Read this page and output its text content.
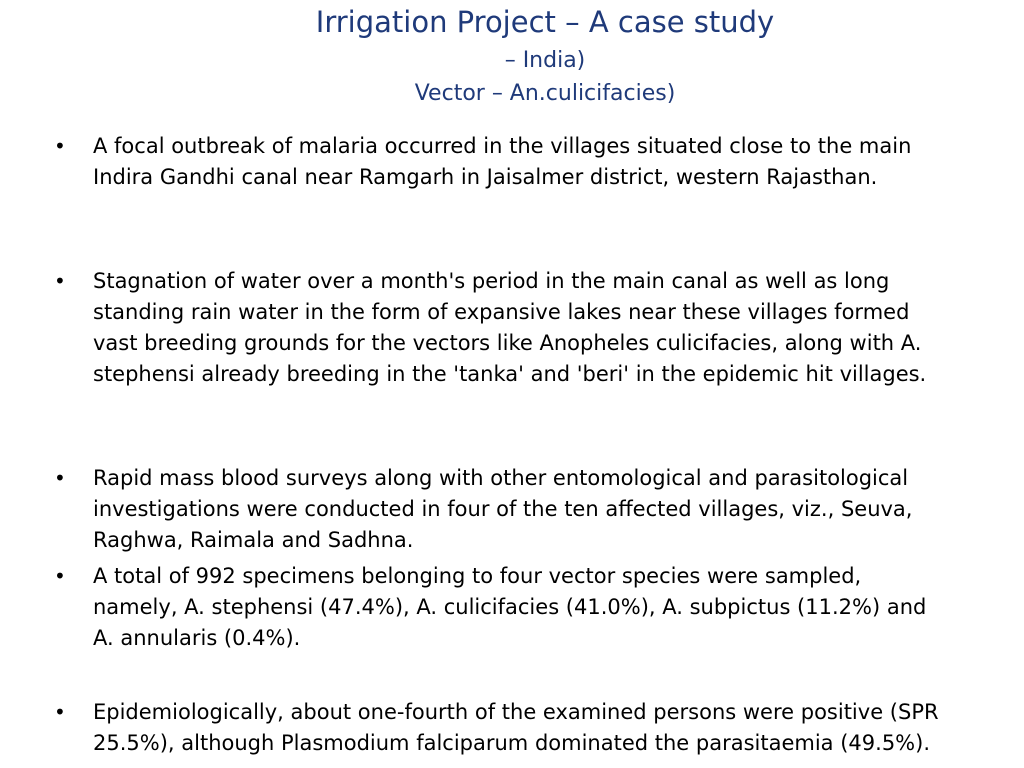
Irrigation Project – A case study
– India)
Vector – An.culicifacies)
• A focal outbreak of malaria occurred in the villages situated close to the main Indira Gandhi canal near Ramgarh in Jaisalmer district, western Rajasthan.
• Stagnation of water over a month's period in the main canal as well as long standing rain water in the form of expansive lakes near these villages formed vast breeding grounds for the vectors like Anopheles culicifacies, along with A. stephensi already breeding in the 'tanka' and 'beri' in the epidemic hit villages.
• Rapid mass blood surveys along with other entomological and parasitological investigations were conducted in four of the ten affected villages, viz., Seuva, Raghwa, Raimala and Sadhna.
• A total of 992 specimens belonging to four vector species were sampled, namely, A. stephensi (47.4%), A. culicifacies (41.0%), A. subpictus (11.2%) and A. annularis (0.4%).
• Epidemiologically, about one-fourth of the examined persons were positive (SPR 25.5%), although Plasmodium falciparum dominated the parasitaemia (49.5%).
